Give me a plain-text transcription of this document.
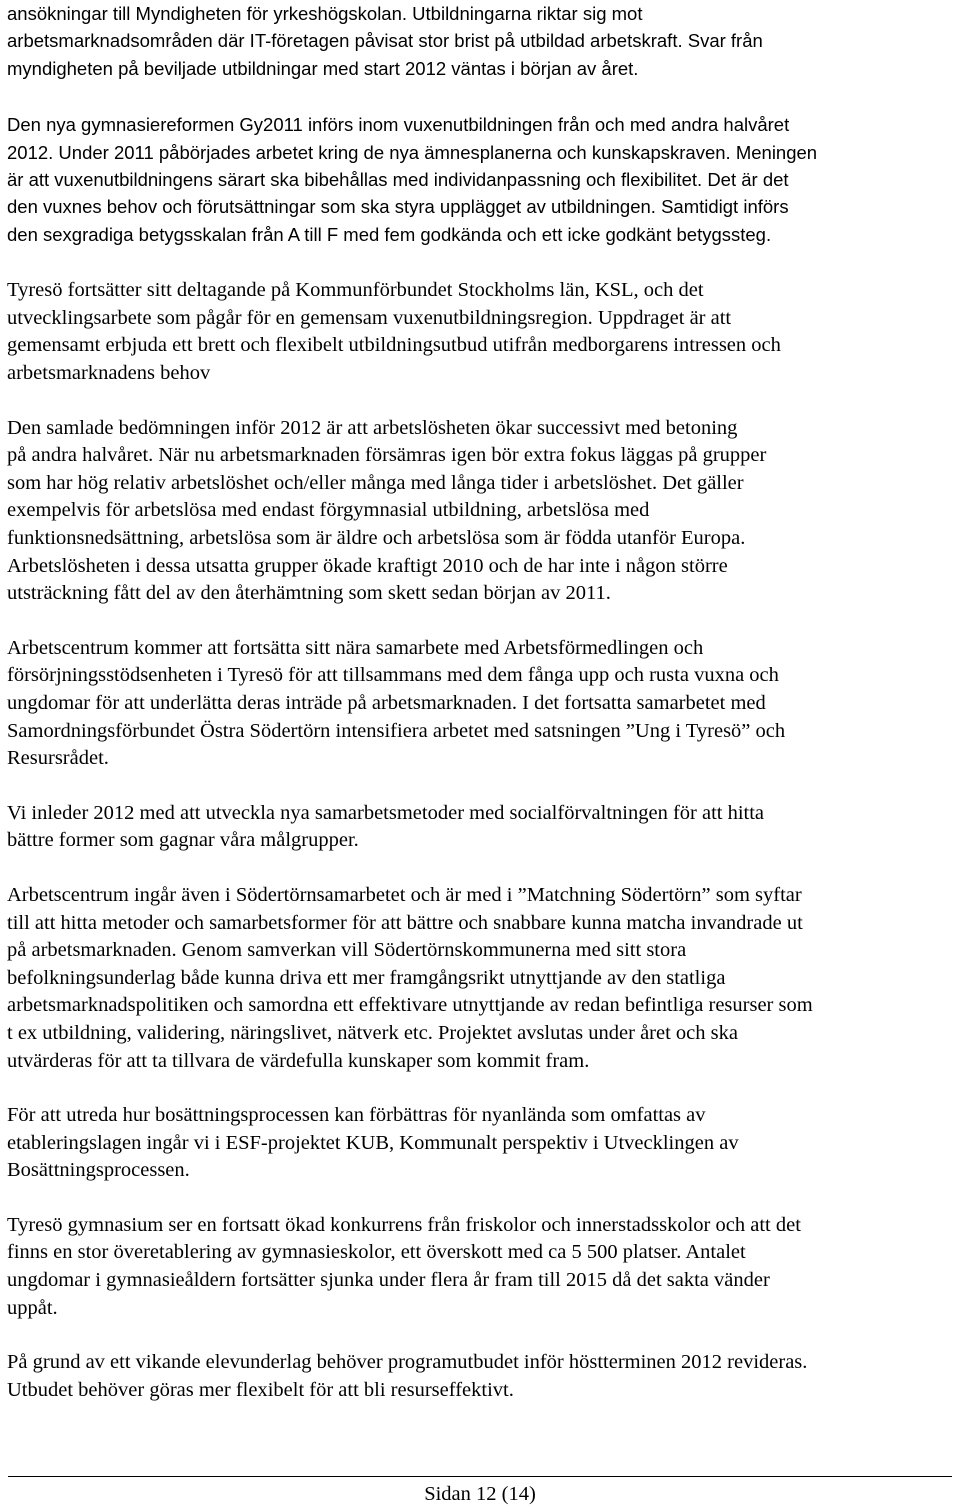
ansökningar till Myndigheten för yrkeshögskolan. Utbildningarna riktar sig mot
arbetsmarknadsområden där IT-företagen påvisat stor brist på utbildad arbetskraft. Svar från
myndigheten på beviljade utbildningar med start 2012 väntas i början av året.

Den nya gymnasiereformen Gy2011 införs inom vuxenutbildningen från och med andra halvåret
2012. Under 2011 påbörjades arbetet kring de nya ämnesplanerna och kunskapskraven. Meningen
är att vuxenutbildningens särart ska bibehållas med individanpassning och flexibilitet. Det är det
den vuxnes behov och förutsättningar som ska styra upplägget av utbildningen. Samtidigt införs
den sexgradiga betygsskalan från A till F med fem godkända och ett icke godkänt betygssteg.

Tyresö fortsätter sitt deltagande på Kommunförbundet Stockholms län, KSL, och det
utvecklingsarbete som pågår för en gemensam vuxenutbildningsregion. Uppdraget är att
gemensamt erbjuda ett brett och flexibelt utbildningsutbud utifrån medborgarens intressen och
arbetsmarknadens behov

Den samlade bedömningen inför 2012 är att arbetslösheten ökar successivt med betoning
på andra halvåret. När nu arbetsmarknaden försämras igen bör extra fokus läggas på grupper
som har hög relativ arbetslöshet och/eller många med långa tider i arbetslöshet. Det gäller
exempelvis för arbetslösa med endast förgymnasial utbildning, arbetslösa med
funktionsnedsättning, arbetslösa som är äldre och arbetslösa som är födda utanför Europa.
Arbetslösheten i dessa utsatta grupper ökade kraftigt 2010 och de har inte i någon större
utsträckning fått del av den återhämtning som skett sedan början av 2011.

Arbetscentrum kommer att fortsätta sitt nära samarbete med Arbetsförmedlingen och
försörjningsstödsenheten i Tyresö för att tillsammans med dem fånga upp och rusta vuxna och
ungdomar för att underlätta deras inträde på arbetsmarknaden. I det fortsatta samarbetet med
Samordningsförbundet Östra Södertörn intensifiera arbetet med satsningen ”Ung i Tyresö” och
Resursrådet.

Vi inleder 2012 med att utveckla nya samarbetsmetoder med socialförvaltningen för att hitta
bättre former som gagnar våra målgrupper.

Arbetscentrum ingår även i Södertörnsamarbetet och är med i ”Matchning Södertörn” som syftar
till att hitta metoder och samarbetsformer för att bättre och snabbare kunna matcha invandrade ut
på arbetsmarknaden. Genom samverkan vill Södertörnskommunerna med sitt stora
befolkningsunderlag både kunna driva ett mer framgångsrikt utnyttjande av den statliga
arbetsmarknadspolitiken och samordna ett effektivare utnyttjande av redan befintliga resurser som
t ex utbildning, validering, näringslivet, nätverk etc. Projektet avslutas under året och ska
utvärderas för att ta tillvara de värdefulla kunskaper som kommit fram.

För att utreda hur bosättningsprocessen kan förbättras för nyanlända som omfattas av
etableringslagen ingår vi i ESF-projektet KUB, Kommunalt perspektiv i Utvecklingen av
Bosättningsprocessen.

Tyresö gymnasium ser en fortsatt ökad konkurrens från friskolor och innerstadsskolor och att det
finns en stor överetablering av gymnasieskolor, ett överskott med ca 5 500 platser. Antalet
ungdomar i gymnasieåldern fortsätter sjunka under flera år fram till 2015 då det sakta vänder
uppåt.

På grund av ett vikande elevunderlag behöver programutbudet inför höstterminen 2012 revideras.
Utbudet behöver göras mer flexibelt för att bli resurseffektivt.

Sidan 12 (14)
